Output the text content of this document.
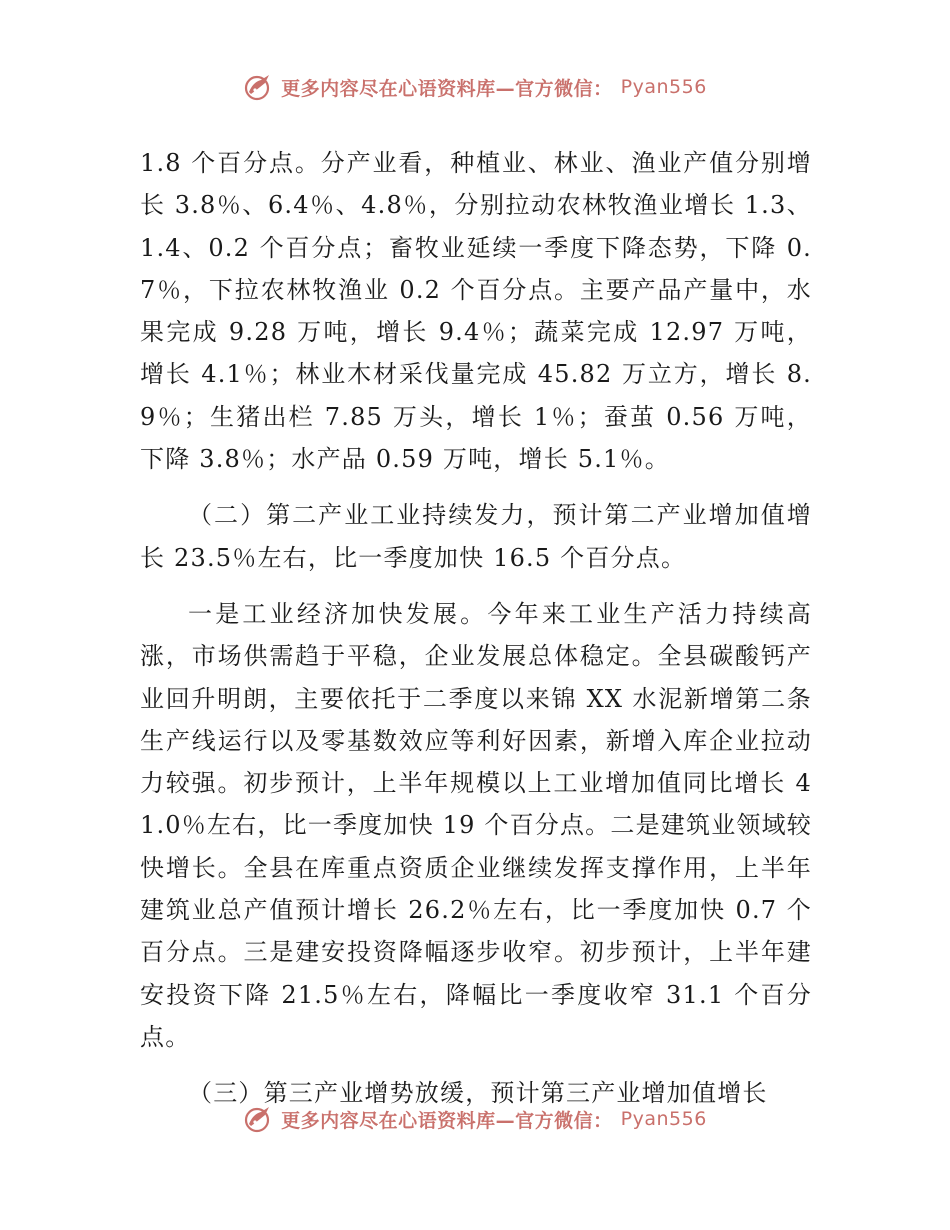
更多内容尽在心语资料库—官方微信： Pyan556

1.8 个百分点。分产业看，种植业、林业、渔业产值分别增长 3.8％、6.4％、4.8％，分别拉动农林牧渔业增长 1.3、1.4、0.2 个百分点；畜牧业延续一季度下降态势，下降 0.7％，下拉农林牧渔业 0.2 个百分点。主要产品产量中，水果完成 9.28 万吨，增长 9.4％；蔬菜完成 12.97 万吨，增长 4.1％；林业木材采伐量完成 45.82 万立方，增长 8.9％；生猪出栏 7.85 万头，增长 1％；蚕茧 0.56 万吨，下降 3.8％；水产品 0.59 万吨，增长 5.1％。

（二）第二产业工业持续发力，预计第二产业增加值增长 23.5％左右，比一季度加快 16.5 个百分点。

一是工业经济加快发展。今年来工业生产活力持续高涨，市场供需趋于平稳，企业发展总体稳定。全县碳酸钙产业回升明朗，主要依托于二季度以来锦 XX 水泥新增第二条生产线运行以及零基数效应等利好因素，新增入库企业拉动力较强。初步预计，上半年规模以上工业增加值同比增长 41.0％左右，比一季度加快 19 个百分点。二是建筑业领域较快增长。全县在库重点资质企业继续发挥支撑作用，上半年建筑业总产值预计增长 26.2％左右，比一季度加快 0.7 个百分点。三是建安投资降幅逐步收窄。初步预计，上半年建安投资下降 21.5％左右，降幅比一季度收窄 31.1 个百分点。

（三）第三产业增势放缓，预计第三产业增加值增长

更多内容尽在心语资料库—官方微信： Pyan556
